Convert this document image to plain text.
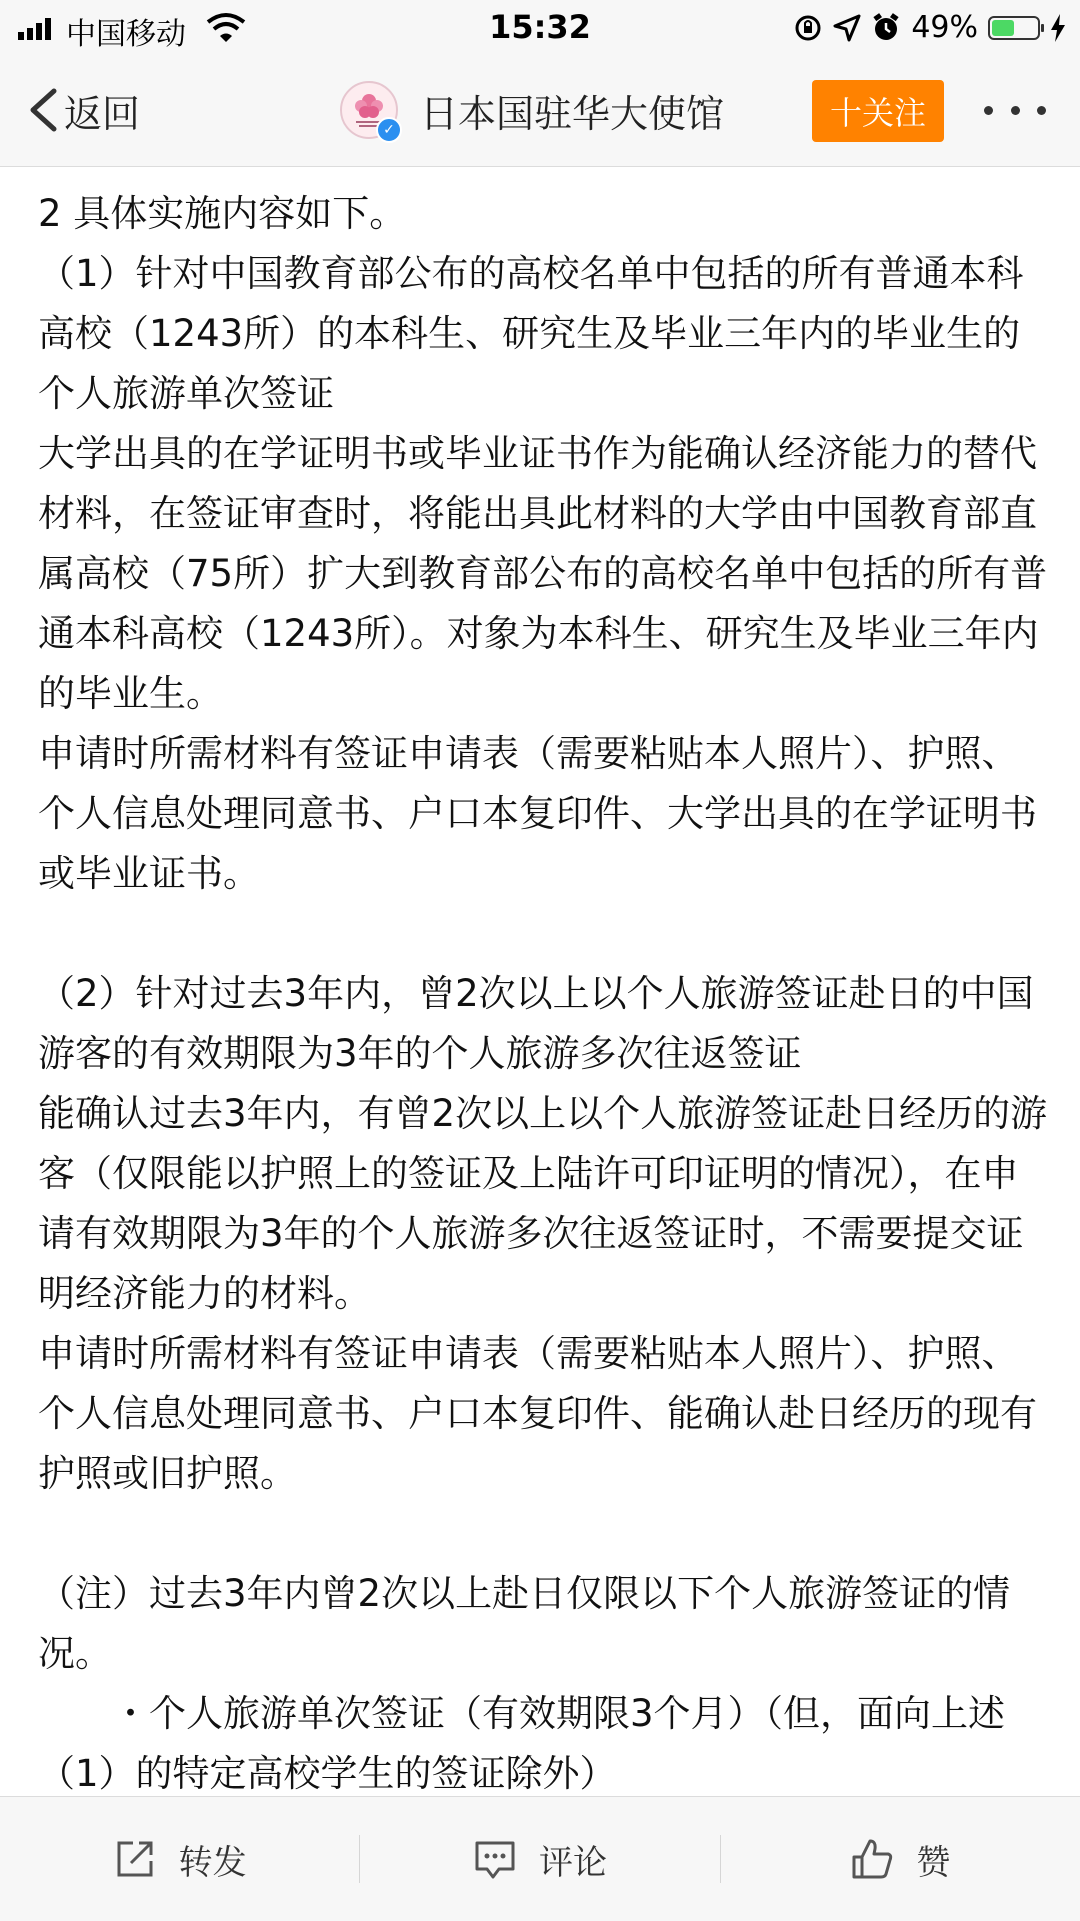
中国移动	15:32	49%
返回	✓ 日本国驻华大使馆	十关注

2 具体实施内容如下。

（1）针对中国教育部公布的高校名单中包括的所有普通本科高校（1243所）的本科生、研究生及毕业三年内的毕业生的个人旅游单次签证

大学出具的在学证明书或毕业证书作为能确认经济能力的替代材料，在签证审查时，将能出具此材料的大学由中国教育部直属高校（75所）扩大到教育部公布的高校名单中包括的所有普通本科高校（1243所）。对象为本科生、研究生及毕业三年内的毕业生。

申请时所需材料有签证申请表（需要粘贴本人照片）、护照、个人信息处理同意书、户口本复印件、大学出具的在学证明书或毕业证书。

（2）针对过去3年内，曾2次以上以个人旅游签证赴日的中国游客的有效期限为3年的个人旅游多次往返签证

能确认过去3年内，有曾2次以上以个人旅游签证赴日经历的游客（仅限能以护照上的签证及上陆许可印证明的情况），在申请有效期限为3年的个人旅游多次往返签证时，不需要提交证明经济能力的材料。

申请时所需材料有签证申请表（需要粘贴本人照片）、护照、个人信息处理同意书、户口本复印件、能确认赴日经历的现有护照或旧护照。

（注）过去3年内曾2次以上赴日仅限以下个人旅游签证的情况。

　　・个人旅游单次签证（有效期限3个月）（但，面向上述（1）的特定高校学生的签证除外）

转发	评论	赞
